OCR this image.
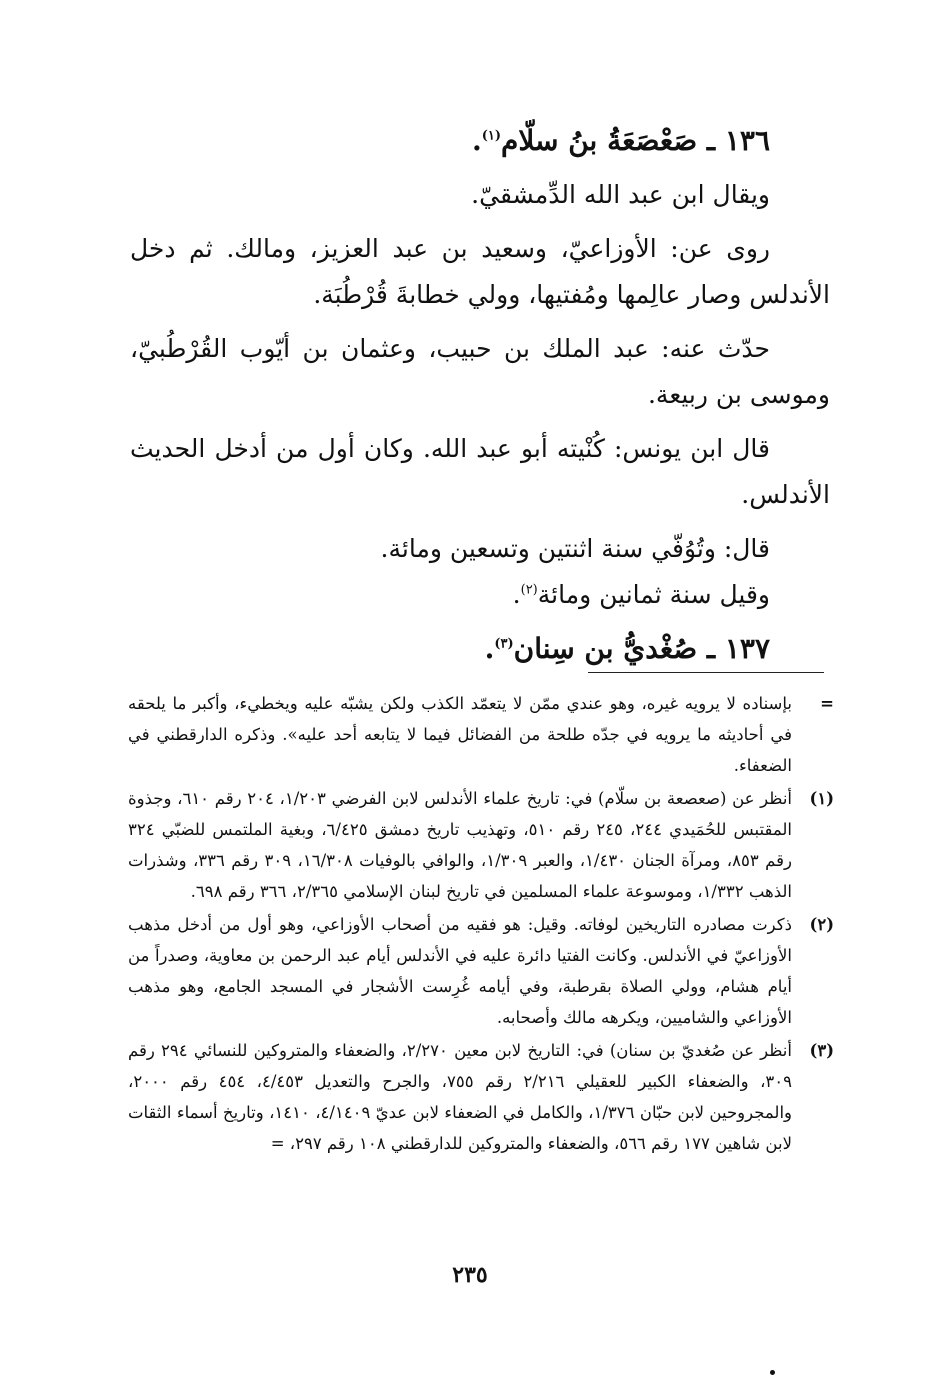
١٣٦ ـ صَعْصَعَةُ بنُ سلّام$^{(١)}$.

ويقال ابن عبد الله الدِّمشقيّ.

روى عن: الأوزاعيّ، وسعيد بن عبد العزيز، ومالك. ثم دخل الأندلس وصار عالِمها ومُفتيها، وولي خطابةَ قُرْطُبَة.

حدّث عنه: عبد الملك بن حبيب، وعثمان بن أيّوب القُرْطُبيّ، وموسى بن ربيعة.

قال ابن يونس: كُنْيته أبو عبد الله. وكان أول من أدخل الحديث الأندلس.

قال: وتُوُفّي سنة اثنتين وتسعين ومائة.

وقيل سنة ثمانين ومائة$^{(٢)}$.

١٣٧ ـ صُغْديُّ بن سِنان$^{(٣)}$.

=
بإسناده لا يرويه غيره، وهو عندي ممّن لا يتعمّد الكذب ولكن يشبّه عليه ويخطيء، وأكبر ما يلحقه في أحاديثه ما يرويه في جدّه طلحة من الفضائل فيما لا يتابعه أحد عليه». وذكره الدارقطني في الضعفاء.
(١)
أنظر عن (صعصعة بن سلّام) في: تاريخ علماء الأندلس لابن الفرضي ١/٢٠٣، ٢٠٤ رقم ٦١٠، وجذوة المقتبس للحُمَيدي ٢٤٤، ٢٤٥ رقم ٥١٠، وتهذيب تاريخ دمشق ٦/٤٢٥، وبغية الملتمس للضبّي ٣٢٤ رقم ٨٥٣، ومرآة الجنان ١/٤٣٠، والعبر ١/٣٠٩، والوافي بالوفيات ١٦/٣٠٨، ٣٠٩ رقم ٣٣٦، وشذرات الذهب ١/٣٣٢، وموسوعة علماء المسلمين في تاريخ لبنان الإسلامي ٢/٣٦٥، ٣٦٦ رقم ٦٩٨.
(٢)
ذكرت مصادره التاريخين لوفاته. وقيل: هو فقيه من أصحاب الأوزاعي، وهو أول من أدخل مذهب الأوزاعيّ في الأندلس. وكانت الفتيا دائرة عليه في الأندلس أيام عبد الرحمن بن معاوية، وصدراً من أيام هشام، وولي الصلاة بقرطبة، وفي أيامه غُرِست الأشجار في المسجد الجامع، وهو مذهب الأوزاعي والشاميين، ويكرهه مالك وأصحابه.
(٣)
أنظر عن صُغديّ بن سنان) في: التاريخ لابن معين ٢/٢٧٠، والضعفاء والمتروكين للنسائي ٢٩٤ رقم ٣٠٩، والضعفاء الكبير للعقيلي ٢/٢١٦ رقم ٧٥٥، والجرح والتعديل ٤/٤٥٣، ٤٥٤ رقم ٢٠٠٠، والمجروحين لابن حبّان ١/٣٧٦، والكامل في الضعفاء لابن عديّ ٤/١٤٠٩، ١٤١٠، وتاريخ أسماء الثقات لابن شاهين ١٧٧ رقم ٥٦٦، والضعفاء والمتروكين للدارقطني ١٠٨ رقم ٢٩٧، =
٢٣٥
